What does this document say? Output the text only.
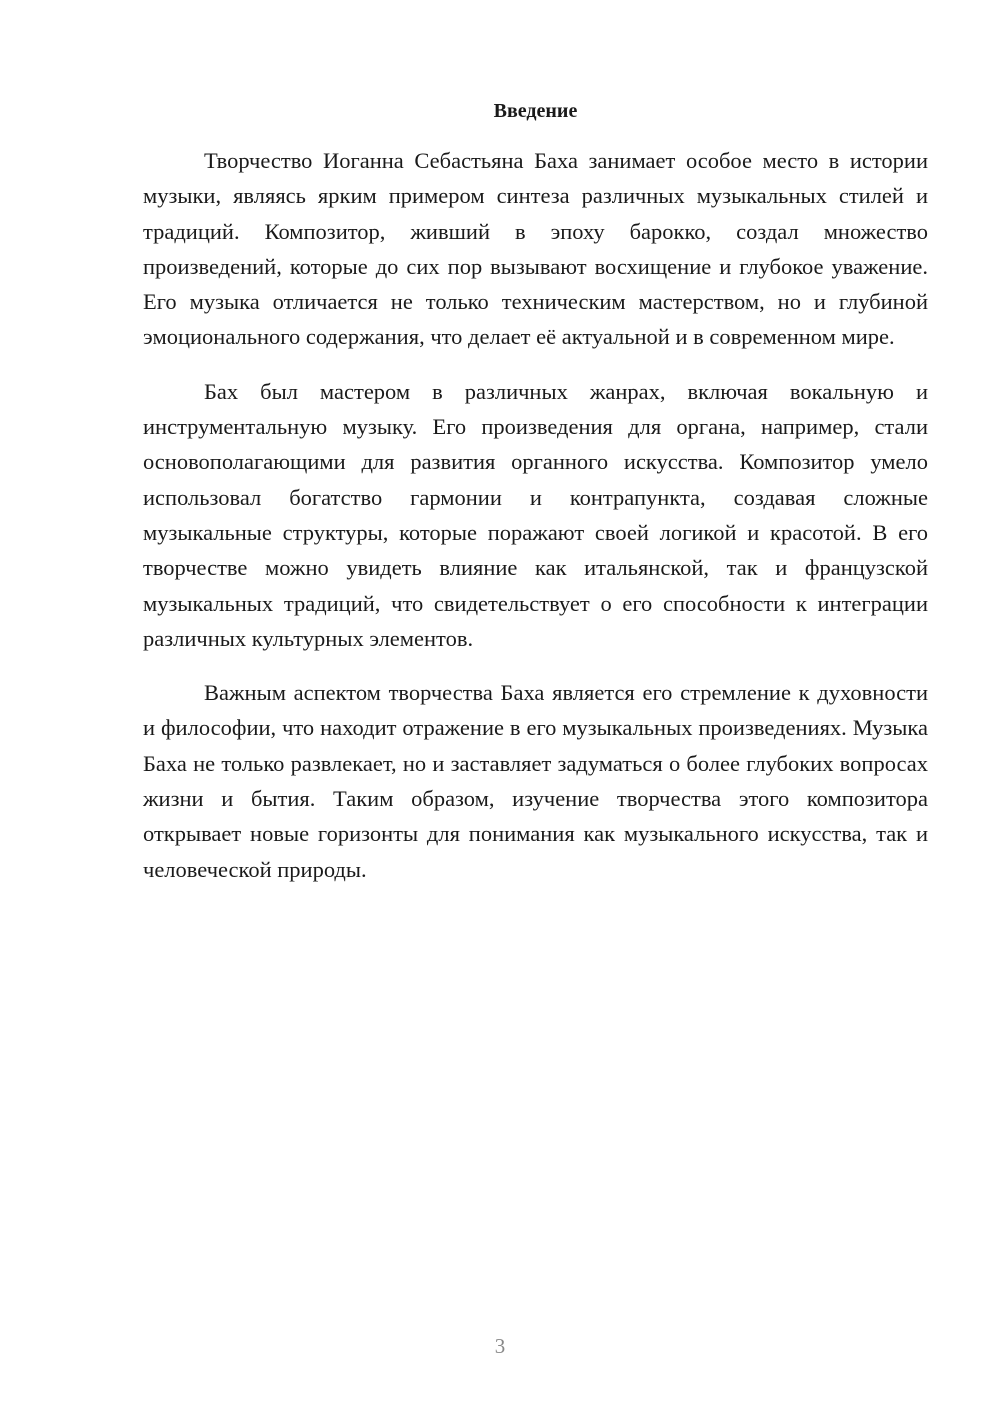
Введение

Творчество Иоганна Себастьяна Баха занимает особое место в истории музыки, являясь ярким примером синтеза различных музыкальных стилей и традиций. Композитор, живший в эпоху барокко, создал множество произведений, которые до сих пор вызывают восхищение и глубокое уважение. Его музыка отличается не только техническим мастерством, но и глубиной эмоционального содержания, что делает её актуальной и в современном мире.

Бах был мастером в различных жанрах, включая вокальную и инструментальную музыку. Его произведения для органа, например, стали основополагающими для развития органного искусства. Композитор умело использовал богатство гармонии и контрапункта, создавая сложные музыкальные структуры, которые поражают своей логикой и красотой. В его творчестве можно увидеть влияние как итальянской, так и французской музыкальных традиций, что свидетельствует о его способности к интеграции различных культурных элементов.

Важным аспектом творчества Баха является его стремление к духовности и философии, что находит отражение в его музыкальных произведениях. Музыка Баха не только развлекает, но и заставляет задуматься о более глубоких вопросах жизни и бытия. Таким образом, изучение творчества этого композитора открывает новые горизонты для понимания как музыкального искусства, так и человеческой природы.

3
